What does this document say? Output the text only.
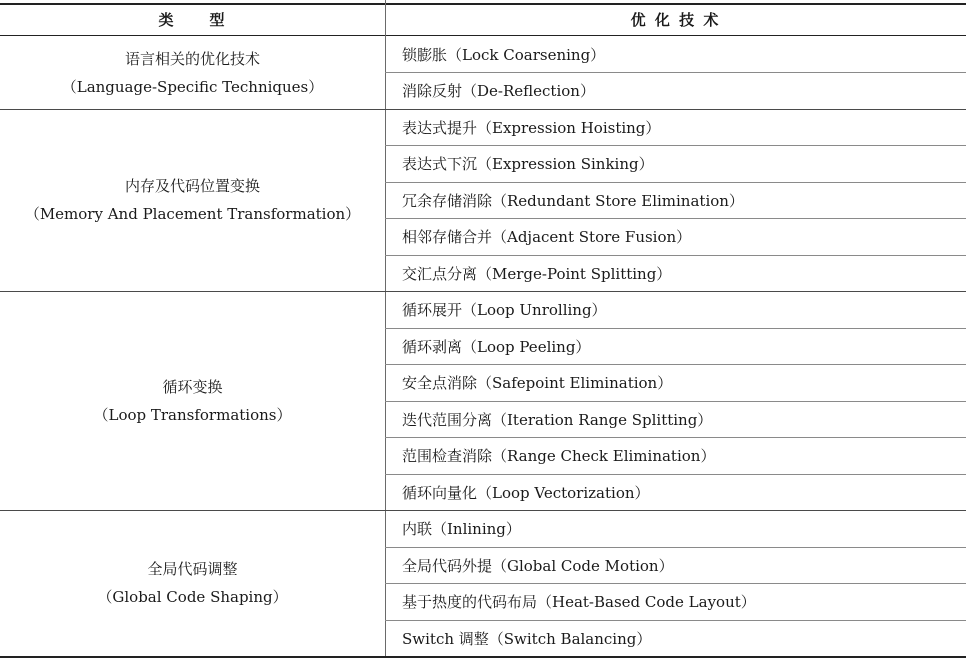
类　　型	优 化 技 术
语言相关的优化技术
（Language-Specific Techniques）
锁膨胀（Lock Coarsening）
消除反射（De-Reflection）
内存及代码位置变换
（Memory And Placement Transformation）
表达式提升（Expression Hoisting）
表达式下沉（Expression Sinking）
冗余存储消除（Redundant Store Elimination）
相邻存储合并（Adjacent Store Fusion）
交汇点分离（Merge-Point Splitting）
循环变换
（Loop Transformations）
循环展开（Loop Unrolling）
循环剥离（Loop Peeling）
安全点消除（Safepoint Elimination）
迭代范围分离（Iteration Range Splitting）
范围检查消除（Range Check Elimination）
循环向量化（Loop Vectorization）
全局代码调整
（Global Code Shaping）
内联（Inlining）
全局代码外提（Global Code Motion）
基于热度的代码布局（Heat-Based Code Layout）
Switch 调整（Switch Balancing）
